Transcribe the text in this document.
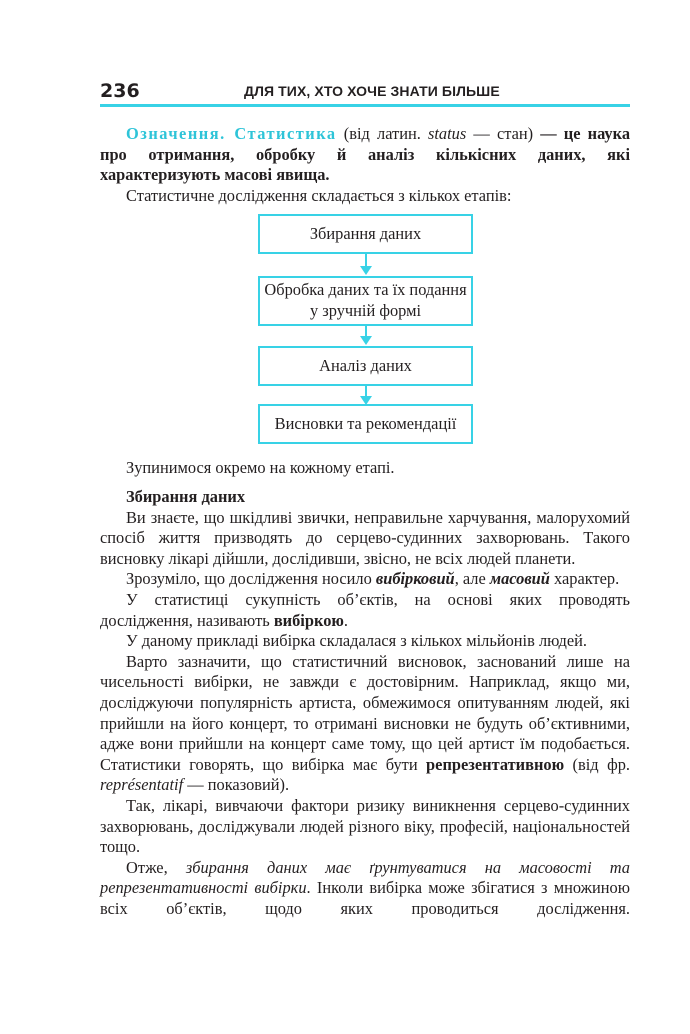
236	ДЛЯ ТИХ, ХТО ХОЧЕ ЗНАТИ БІЛЬШЕ

Означення. Статистика (від латин. status — стан) — це наука про отримання, обробку й аналіз кількісних даних, які характеризують масові явища.

Статистичне дослідження складається з кількох етапів:

Збирання даних
Обробка даних та їх подання у зручній формі
Аналіз даних
Висновки та рекомендації

Зупинимося окремо на кожному етапі.

Збирання даних

Ви знаєте, що шкідливі звички, неправильне харчування, малорухомий спосіб життя призводять до серцево-судинних захворювань. Такого висновку лікарі дійшли, дослідивши, звісно, не всіх людей планети.

Зрозуміло, що дослідження носило вибірковий, але масовий характер.

У статистиці сукупність об’єктів, на основі яких проводять дослідження, називають вибіркою.

У даному прикладі вибірка складалася з кількох мільйонів людей.

Варто зазначити, що статистичний висновок, заснований лише на чисельності вибірки, не завжди є достовірним. Наприклад, якщо ми, досліджуючи популярність артиста, обмежимося опитуванням людей, які прийшли на його концерт, то отримані висновки не будуть об’єктивними, адже вони прийшли на концерт саме тому, що цей артист їм подобається. Статистики говорять, що вибірка має бути репрезентативною (від фр. représentatif — показовий).

Так, лікарі, вивчаючи фактори ризику виникнення серцево-судинних захворювань, досліджували людей різного віку, професій, національностей тощо.

Отже, збирання даних має ґрунтуватися на масовості та репрезентативності вибірки. Інколи вибірка може збігатися з множиною всіх об’єктів, щодо яких проводиться дослідження.
